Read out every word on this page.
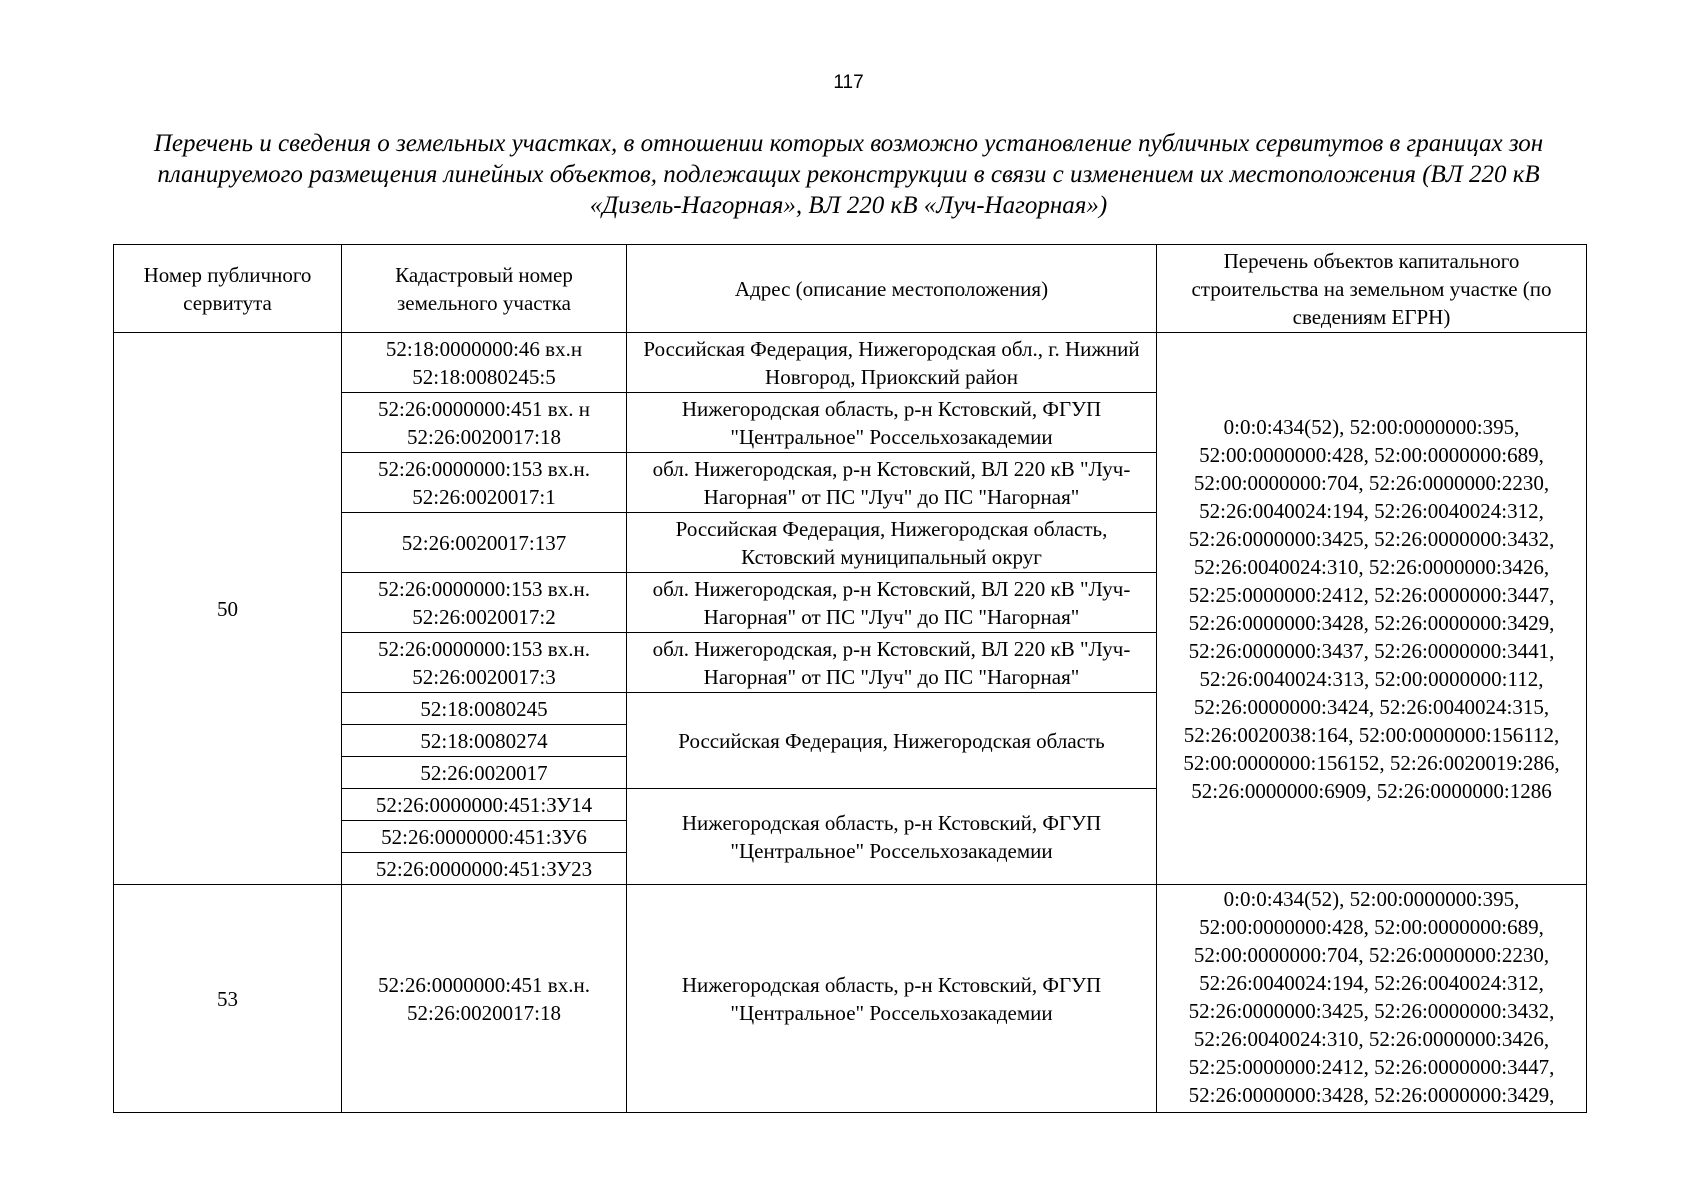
117
Перечень и сведения о земельных участках, в отношении которых возможно установление публичных сервитутов в границах зон планируемого размещения линейных объектов, подлежащих реконструкции в связи с изменением их местоположения (ВЛ 220 кВ «Дизель-Нагорная», ВЛ 220 кВ «Луч-Нагорная»)
Номер публичного сервитута	Кадастровый номер земельного участка	Адрес (описание местоположения)	Перечень объектов капитального строительства на земельном участке (по сведениям ЕГРН)
50	52:18:0000000:46 вх.н 52:18:0080245:5	Российская Федерация, Нижегородская обл., г. Нижний Новгород, Приокский район	0:0:0:434(52), 52:00:0000000:395, 52:00:0000000:428, 52:00:0000000:689, 52:00:0000000:704, 52:26:0000000:2230, 52:26:0040024:194, 52:26:0040024:312, 52:26:0000000:3425, 52:26:0000000:3432, 52:26:0040024:310, 52:26:0000000:3426, 52:25:0000000:2412, 52:26:0000000:3447, 52:26:0000000:3428, 52:26:0000000:3429, 52:26:0000000:3437, 52:26:0000000:3441, 52:26:0040024:313, 52:00:0000000:112, 52:26:0000000:3424, 52:26:0040024:315, 52:26:0020038:164, 52:00:0000000:156112, 52:00:0000000:156152, 52:26:0020019:286, 52:26:0000000:6909, 52:26:0000000:1286
	52:26:0000000:451 вх. н 52:26:0020017:18	Нижегородская область, р-н Кстовский, ФГУП "Центральное" Россельхозакадемии	
	52:26:0000000:153 вх.н. 52:26:0020017:1	обл. Нижегородская, р-н Кстовский, ВЛ 220 кВ "Луч-Нагорная" от ПС "Луч" до ПС "Нагорная"	
	52:26:0020017:137	Российская Федерация, Нижегородская область, Кстовский муниципальный округ	
	52:26:0000000:153 вх.н. 52:26:0020017:2	обл. Нижегородская, р-н Кстовский, ВЛ 220 кВ "Луч-Нагорная" от ПС "Луч" до ПС "Нагорная"	
	52:26:0000000:153 вх.н. 52:26:0020017:3	обл. Нижегородская, р-н Кстовский, ВЛ 220 кВ "Луч-Нагорная" от ПС "Луч" до ПС "Нагорная"	
	52:18:0080245	Российская Федерация, Нижегородская область	
	52:18:0080274		
	52:26:0020017		
	52:26:0000000:451:ЗУ14	Нижегородская область, р-н Кстовский, ФГУП "Центральное" Россельхозакадемии	
	52:26:0000000:451:ЗУ6		
	52:26:0000000:451:ЗУ23		
53	52:26:0000000:451 вх.н. 52:26:0020017:18	Нижегородская область, р-н Кстовский, ФГУП "Центральное" Россельхозакадемии	0:0:0:434(52), 52:00:0000000:395, 52:00:0000000:428, 52:00:0000000:689, 52:00:0000000:704, 52:26:0000000:2230, 52:26:0040024:194, 52:26:0040024:312, 52:26:0000000:3425, 52:26:0000000:3432, 52:26:0040024:310, 52:26:0000000:3426, 52:25:0000000:2412, 52:26:0000000:3447, 52:26:0000000:3428, 52:26:0000000:3429,
